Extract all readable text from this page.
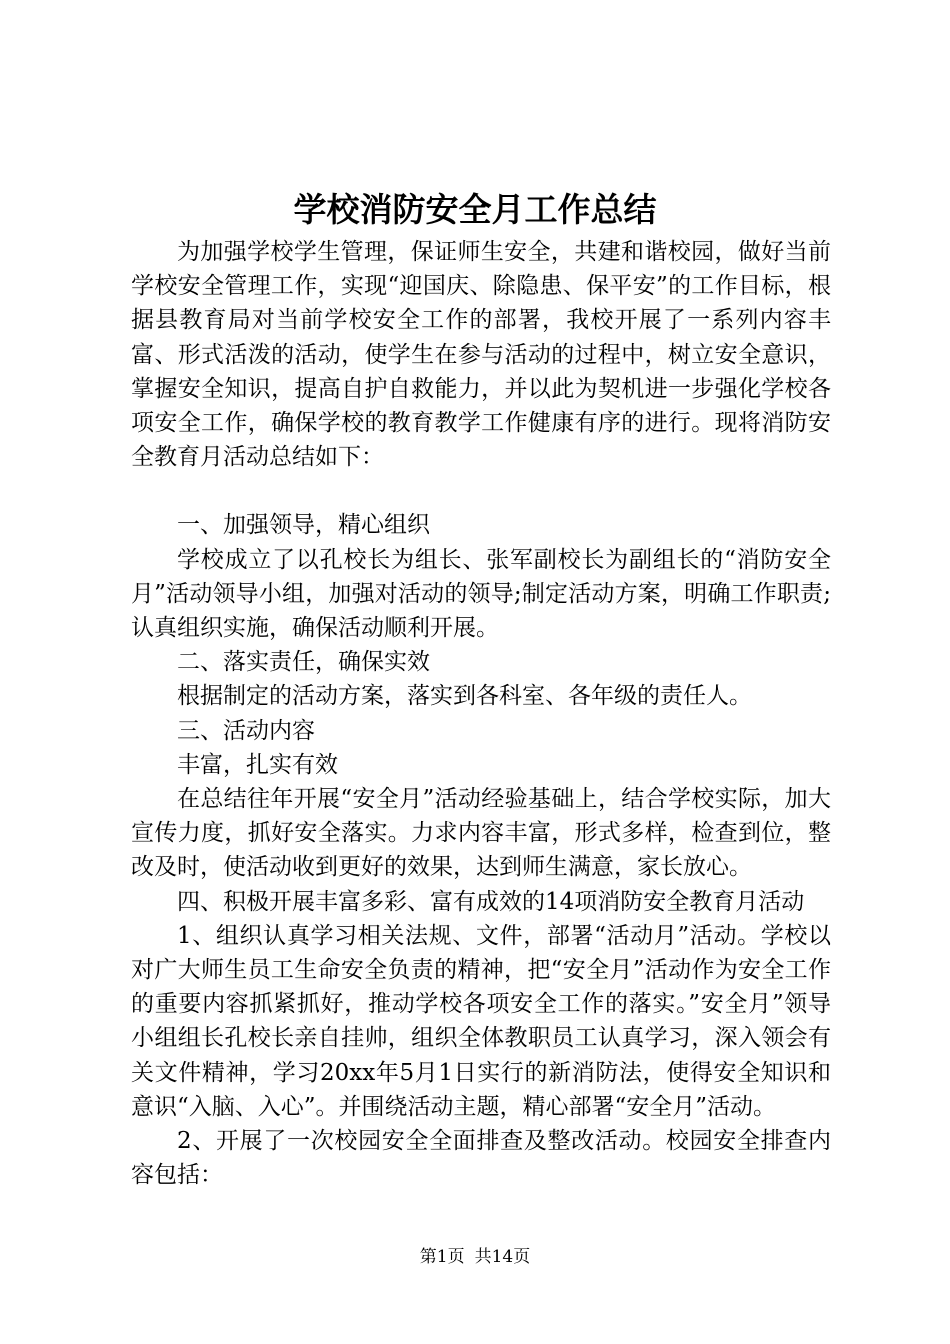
学校消防安全月工作总结

为加强学校学生管理，保证师生安全，共建和谐校园，做好当前学校安全管理工作，实现“迎国庆、除隐患、保平安”的工作目标，根据县教育局对当前学校安全工作的部署，我校开展了一系列内容丰富、形式活泼的活动，使学生在参与活动的过程中，树立安全意识，掌握安全知识，提高自护自救能力，并以此为契机进一步强化学校各项安全工作，确保学校的教育教学工作健康有序的进行。现将消防安全教育月活动总结如下：

一、加强领导，精心组织

学校成立了以孔校长为组长、张军副校长为副组长的“消防安全月”活动领导小组，加强对活动的领导;制定活动方案，明确工作职责;认真组织实施，确保活动顺利开展。

二、落实责任，确保实效

根据制定的活动方案，落实到各科室、各年级的责任人。

三、活动内容

丰富，扎实有效

在总结往年开展“安全月”活动经验基础上，结合学校实际，加大宣传力度，抓好安全落实。力求内容丰富，形式多样，检查到位，整改及时，使活动收到更好的效果，达到师生满意，家长放心。

四、积极开展丰富多彩、富有成效的14项消防安全教育月活动

1、组织认真学习相关法规、文件，部署“活动月”活动。学校以对广大师生员工生命安全负责的精神，把“安全月”活动作为安全工作的重要内容抓紧抓好，推动学校各项安全工作的落实。”安全月”领导小组组长孔校长亲自挂帅，组织全体教职员工认真学习，深入领会有关文件精神，学习20xx年5月1日实行的新消防法，使得安全知识和意识“入脑、入心”。并围绕活动主题，精心部署“安全月”活动。

2、开展了一次校园安全全面排查及整改活动。校园安全排查内容包括：

第1页 共14页
